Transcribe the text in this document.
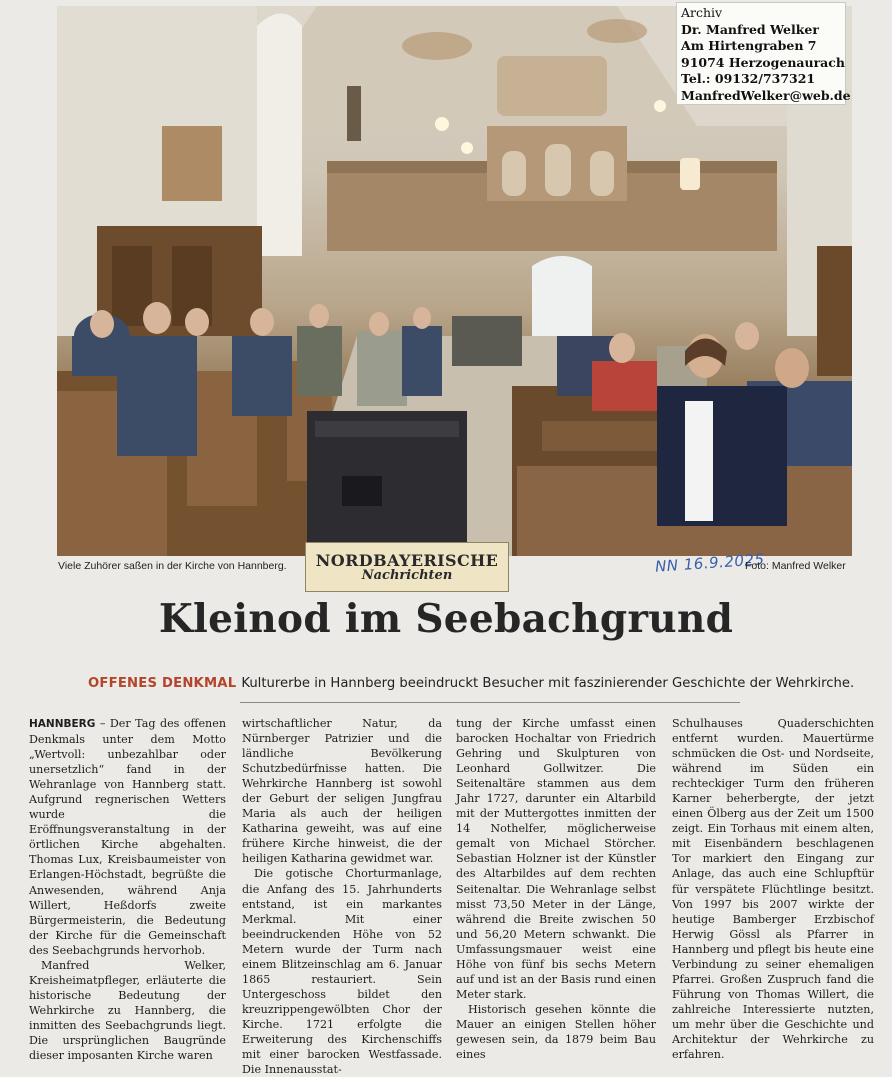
Archiv
Dr. Manfred Welker
Am Hirtengraben 7
91074 Herzogenaurach
Tel.: 09132/737321
ManfredWelker@web.de
Viele Zuhörer saßen in der Kirche von Hannberg.	NN 16.9.2025
Foto: Manfred Welker
NORDBAYERISCHE
Nachrichten
Kleinod im Seebachgrund
OFFENES DENKMAL Kulturerbe in Hannberg beeindruckt Besucher mit faszinierender Geschichte der Wehrkirche.

HANNBERG – Der Tag des offenen Denkmals unter dem Motto „Wertvoll: unbezahlbar oder unersetzlich“ fand in der Wehranlage von Hannberg statt. Aufgrund regnerischen Wetters wurde die Eröffnungsveranstaltung in der örtlichen Kirche abgehalten. Thomas Lux, Kreisbaumeister von Erlangen-Höchstadt, begrüßte die Anwesenden, während Anja Willert, Heßdorfs zweite Bürgermeisterin, die Bedeutung der Kirche für die Gemeinschaft des Seebachgrunds hervorhob.

Manfred Welker, Kreisheimatpfleger, erläuterte die historische Bedeutung der Wehrkirche zu Hannberg, die inmitten des Seebachgrunds liegt. Die ursprünglichen Baugründe dieser imposanten Kirche waren

wirtschaftlicher Natur, da Nürnberger Patrizier und die ländliche Bevölkerung Schutzbedürfnisse hatten. Die Wehrkirche Hannberg ist sowohl der Geburt der seligen Jungfrau Maria als auch der heiligen Katharina geweiht, was auf eine frühere Kirche hinweist, die der heiligen Katharina gewidmet war.

Die gotische Chorturmanlage, die Anfang des 15. Jahrhunderts entstand, ist ein markantes Merkmal. Mit einer beeindruckenden Höhe von 52 Metern wurde der Turm nach einem Blitzeinschlag am 6. Januar 1865 restauriert. Sein Untergeschoss bildet den kreuzrippengewölbten Chor der Kirche. 1721 erfolgte die Erweiterung des Kirchenschiffs mit einer barocken Westfassade. Die Innenausstat-

tung der Kirche umfasst einen barocken Hochaltar von Friedrich Gehring und Skulpturen von Leonhard Gollwitzer. Die Seitenaltäre stammen aus dem Jahr 1727, darunter ein Altarbild mit der Muttergottes inmitten der 14 Nothelfer, möglicherweise gemalt von Michael Störcher. Sebastian Holzner ist der Künstler des Altarbildes auf dem rechten Seitenaltar. Die Wehranlage selbst misst 73,50 Meter in der Länge, während die Breite zwischen 50 und 56,20 Metern schwankt. Die Umfassungsmauer weist eine Höhe von fünf bis sechs Metern auf und ist an der Basis rund einen Meter stark.

Historisch gesehen könnte die Mauer an einigen Stellen höher gewesen sein, da 1879 beim Bau eines

Schulhauses Quaderschichten entfernt wurden. Mauertürme schmücken die Ost- und Nordseite, während im Süden ein rechteckiger Turm den früheren Karner beherbergte, der jetzt einen Ölberg aus der Zeit um 1500 zeigt. Ein Torhaus mit einem alten, mit Eisenbändern beschlagenen Tor markiert den Eingang zur Anlage, das auch eine Schlupftür für verspätete Flüchtlinge besitzt. Von 1997 bis 2007 wirkte der heutige Bamberger Erzbischof Herwig Gössl als Pfarrer in Hannberg und pflegt bis heute eine Verbindung zu seiner ehemaligen Pfarrei. Großen Zuspruch fand die Führung von Thomas Willert, die zahlreiche Interessierte nutzten, um mehr über die Geschichte und Architektur der Wehrkirche zu erfahren.
